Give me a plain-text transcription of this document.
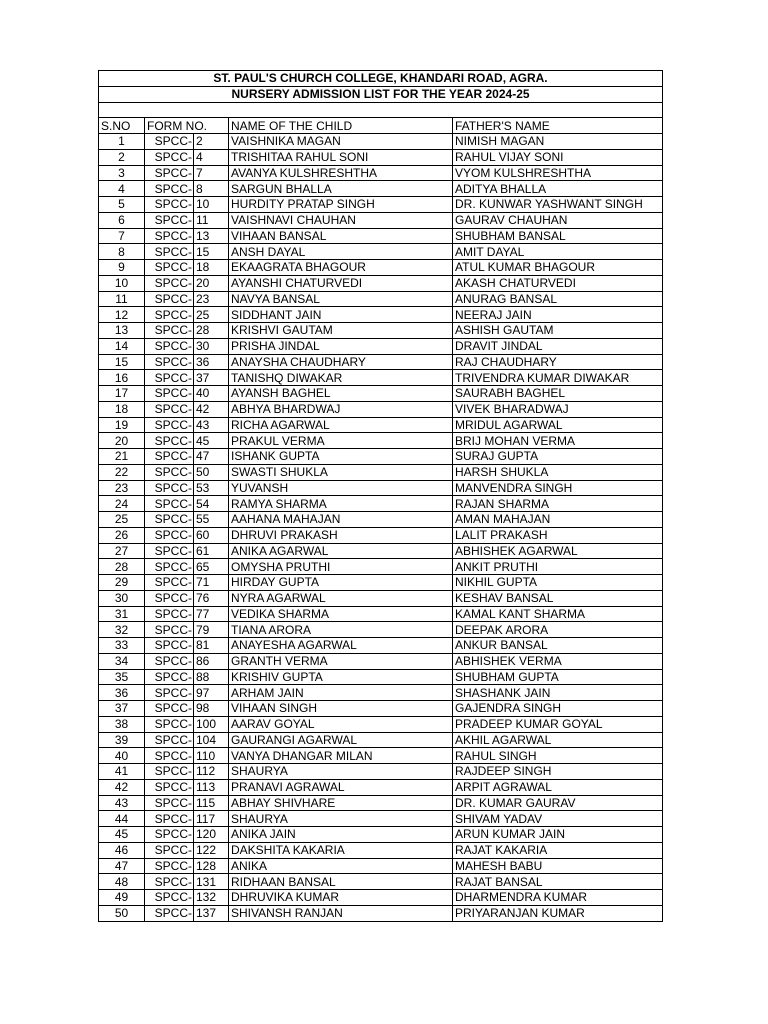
ST. PAUL'S CHURCH COLLEGE, KHANDARI ROAD, AGRA.				
NURSERY ADMISSION LIST FOR THE YEAR 2024-25				

S.NO	FORM NO.		NAME OF THE CHILD	FATHER'S NAME
1	SPCC-	2	VAISHNIKA MAGAN	NIMISH MAGAN
2	SPCC-	4	TRISHITAA RAHUL SONI	RAHUL VIJAY SONI
3	SPCC-	7	AVANYA KULSHRESHTHA	VYOM KULSHRESHTHA
4	SPCC-	8	SARGUN BHALLA	ADITYA BHALLA
5	SPCC-	10	HURDITY PRATAP SINGH	DR. KUNWAR YASHWANT SINGH
6	SPCC-	11	VAISHNAVI CHAUHAN	GAURAV CHAUHAN
7	SPCC-	13	VIHAAN BANSAL	SHUBHAM BANSAL
8	SPCC-	15	ANSH DAYAL	AMIT DAYAL
9	SPCC-	18	EKAAGRATA BHAGOUR	ATUL KUMAR BHAGOUR
10	SPCC-	20	AYANSHI CHATURVEDI	AKASH CHATURVEDI
11	SPCC-	23	NAVYA BANSAL	ANURAG BANSAL
12	SPCC-	25	SIDDHANT JAIN	NEERAJ JAIN
13	SPCC-	28	KRISHVI GAUTAM	ASHISH GAUTAM
14	SPCC-	30	PRISHA JINDAL	DRAVIT JINDAL
15	SPCC-	36	ANAYSHA CHAUDHARY	RAJ CHAUDHARY
16	SPCC-	37	TANISHQ DIWAKAR	TRIVENDRA KUMAR DIWAKAR
17	SPCC-	40	AYANSH BAGHEL	SAURABH BAGHEL
18	SPCC-	42	ABHYA BHARDWAJ	VIVEK BHARADWAJ
19	SPCC-	43	RICHA AGARWAL	MRIDUL AGARWAL
20	SPCC-	45	PRAKUL VERMA	BRIJ MOHAN VERMA
21	SPCC-	47	ISHANK GUPTA	SURAJ GUPTA
22	SPCC-	50	SWASTI SHUKLA	HARSH SHUKLA
23	SPCC-	53	YUVANSH	MANVENDRA SINGH
24	SPCC-	54	RAMYA SHARMA	RAJAN SHARMA
25	SPCC-	55	AAHANA MAHAJAN	AMAN MAHAJAN
26	SPCC-	60	DHRUVI PRAKASH	LALIT PRAKASH
27	SPCC-	61	ANIKA AGARWAL	ABHISHEK AGARWAL
28	SPCC-	65	OMYSHA PRUTHI	ANKIT PRUTHI
29	SPCC-	71	HIRDAY GUPTA	NIKHIL GUPTA
30	SPCC-	76	NYRA AGARWAL	KESHAV BANSAL
31	SPCC-	77	VEDIKA SHARMA	KAMAL KANT SHARMA
32	SPCC-	79	TIANA ARORA	DEEPAK ARORA
33	SPCC-	81	ANAYESHA AGARWAL	ANKUR BANSAL
34	SPCC-	86	GRANTH VERMA	ABHISHEK VERMA
35	SPCC-	88	KRISHIV GUPTA	SHUBHAM GUPTA
36	SPCC-	97	ARHAM JAIN	SHASHANK JAIN
37	SPCC-	98	VIHAAN SINGH	GAJENDRA SINGH
38	SPCC-	100	AARAV GOYAL	PRADEEP KUMAR GOYAL
39	SPCC-	104	GAURANGI AGARWAL	AKHIL AGARWAL
40	SPCC-	110	VANYA DHANGAR MILAN	RAHUL SINGH
41	SPCC-	112	SHAURYA	RAJDEEP SINGH
42	SPCC-	113	PRANAVI AGRAWAL	ARPIT AGRAWAL
43	SPCC-	115	ABHAY SHIVHARE	DR. KUMAR GAURAV
44	SPCC-	117	SHAURYA	SHIVAM YADAV
45	SPCC-	120	ANIKA JAIN	ARUN KUMAR JAIN
46	SPCC-	122	DAKSHITA KAKARIA	RAJAT KAKARIA
47	SPCC-	128	ANIKA	MAHESH BABU
48	SPCC-	131	RIDHAAN BANSAL	RAJAT BANSAL
49	SPCC-	132	DHRUVIKA KUMAR	DHARMENDRA KUMAR
50	SPCC-	137	SHIVANSH RANJAN	PRIYARANJAN KUMAR
